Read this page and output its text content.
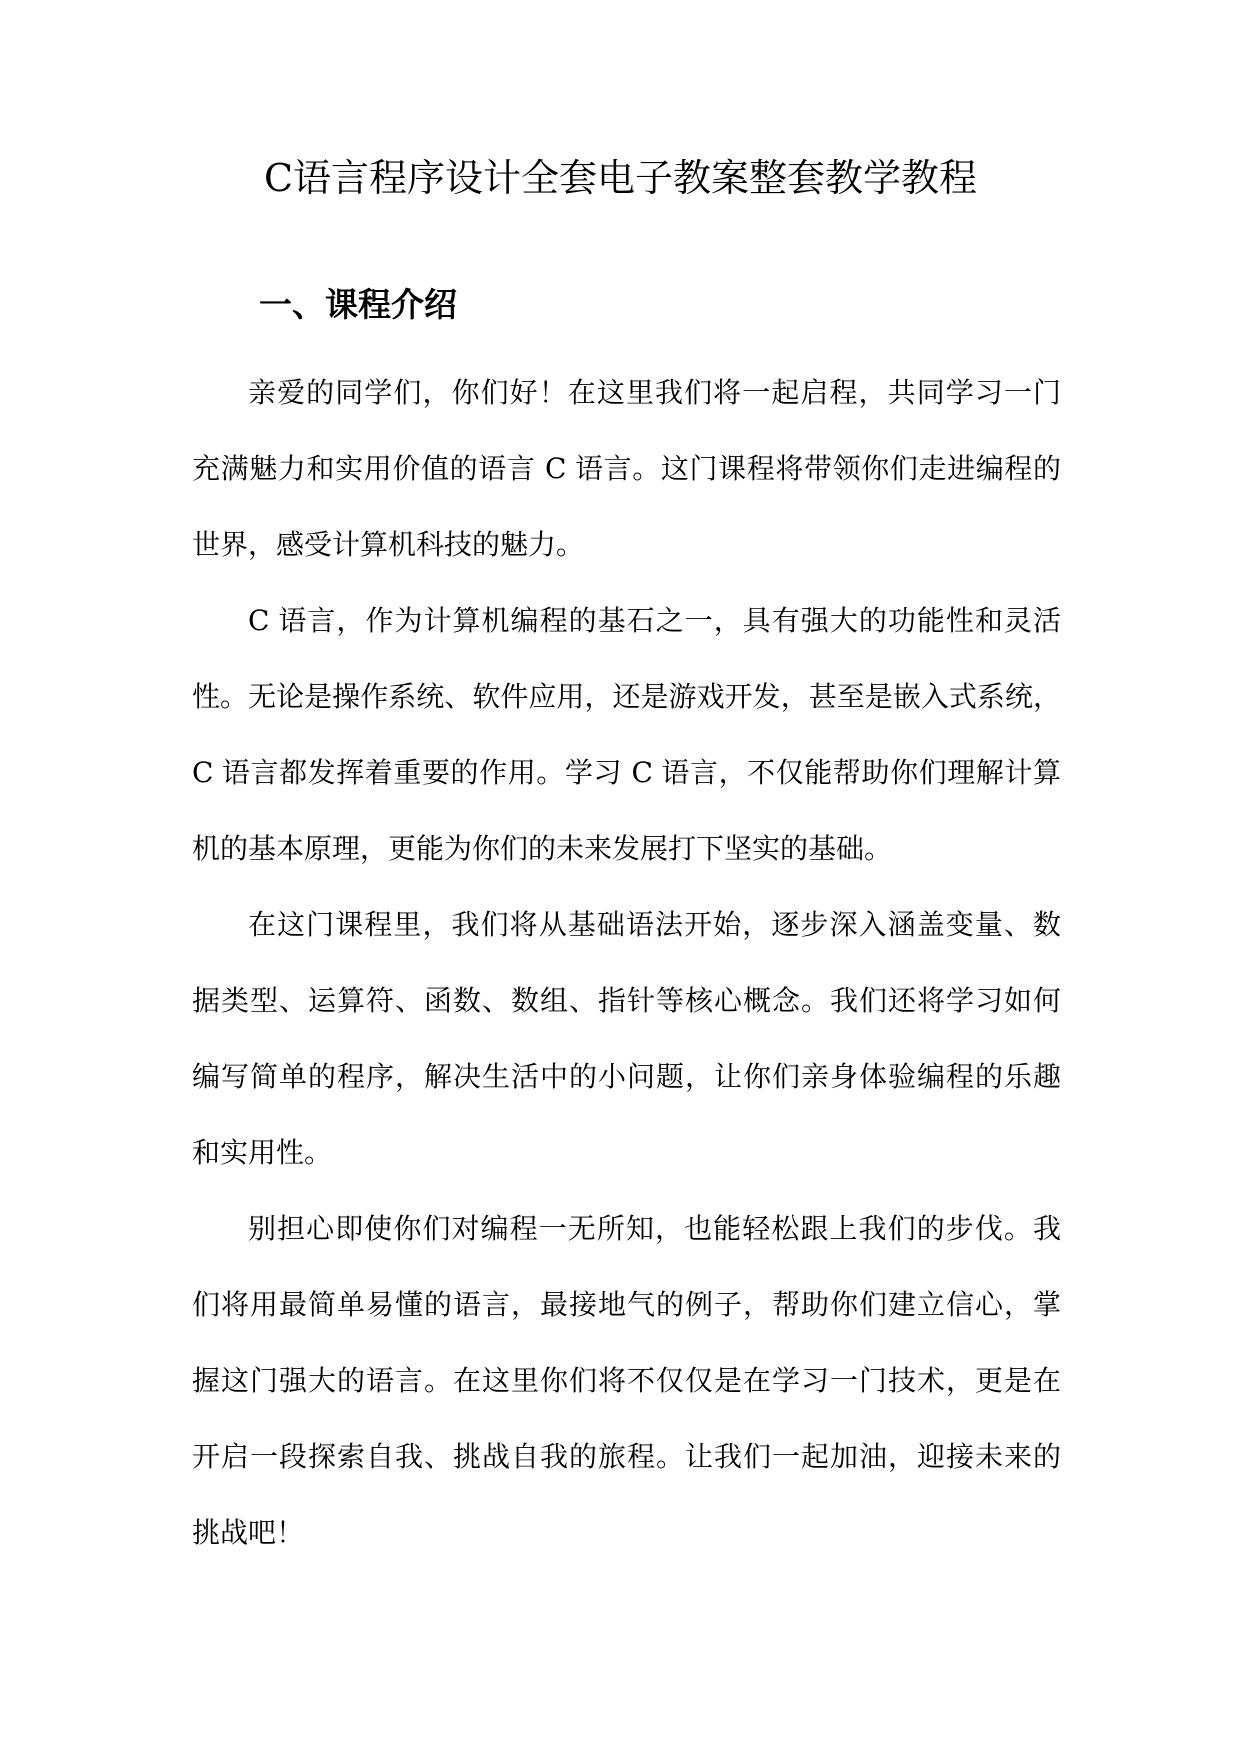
C语言程序设计全套电子教案整套教学教程
一、课程介绍
亲爱的同学们，你们好！在这里我们将一起启程，共同学习一门
充满魅力和实用价值的语言 C 语言。这门课程将带领你们走进编程的
世界，感受计算机科技的魅力。
C 语言，作为计算机编程的基石之一，具有强大的功能性和灵活
性。无论是操作系统、软件应用，还是游戏开发，甚至是嵌入式系统，
C 语言都发挥着重要的作用。学习 C 语言，不仅能帮助你们理解计算
机的基本原理，更能为你们的未来发展打下坚实的基础。
在这门课程里，我们将从基础语法开始，逐步深入涵盖变量、数
据类型、运算符、函数、数组、指针等核心概念。我们还将学习如何
编写简单的程序，解决生活中的小问题，让你们亲身体验编程的乐趣
和实用性。
别担心即使你们对编程一无所知，也能轻松跟上我们的步伐。我
们将用最简单易懂的语言，最接地气的例子，帮助你们建立信心，掌
握这门强大的语言。在这里你们将不仅仅是在学习一门技术，更是在
开启一段探索自我、挑战自我的旅程。让我们一起加油，迎接未来的
挑战吧！
